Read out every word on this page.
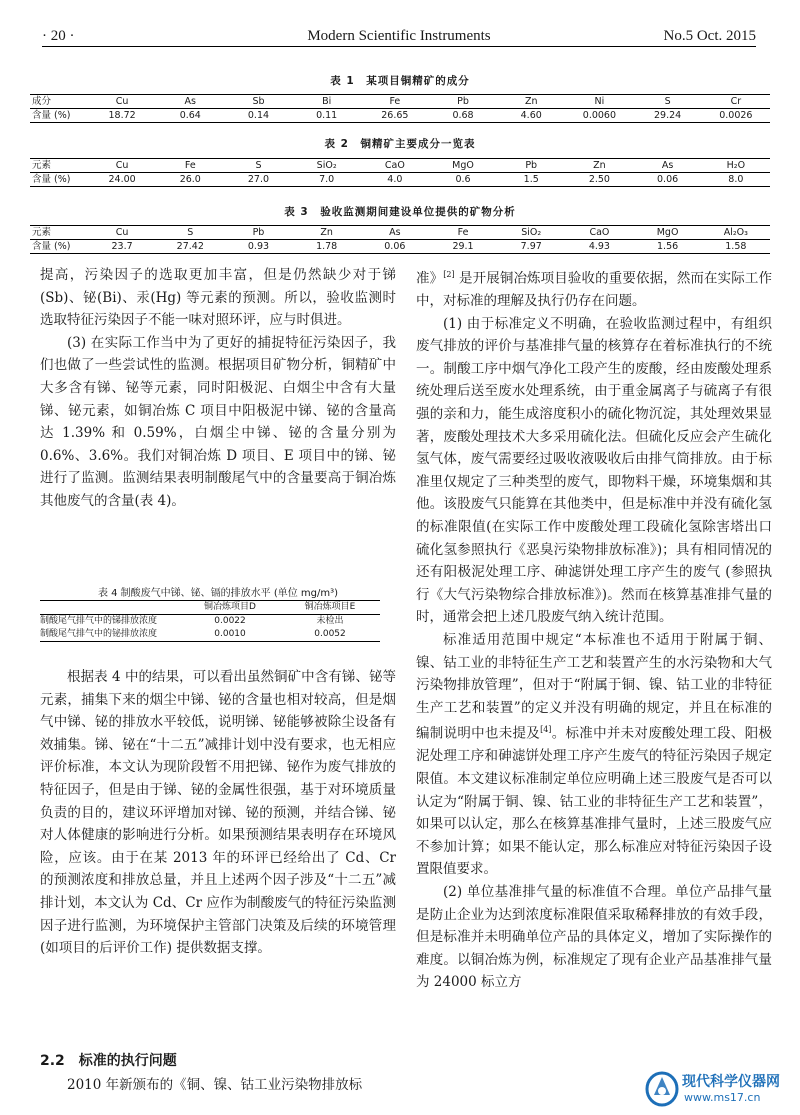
· 20 ·	Modern Scientific Instruments	No.5 Oct. 2015
表 1　某项目铜精矿的成分
成分	Cu	As	Sb	Bi	Fe	Pb	Zn	Ni	S	Cr
含量 (%)	18.72	0.64	0.14	0.11	26.65	0.68	4.60	0.0060	29.24	0.0026
表 2　铜精矿主要成分一览表
元素	Cu	Fe	S	SiO₂	CaO	MgO	Pb	Zn	As	H₂O
含量 (%)	24.00	26.0	27.0	7.0	4.0	0.6	1.5	2.50	0.06	8.0
表 3　验收监测期间建设单位提供的矿物分析
元素	Cu	S	Pb	Zn	As	Fe	SiO₂	CaO	MgO	Al₂O₃
含量 (%)	23.7	27.42	0.93	1.78	0.06	29.1	7.97	4.93	1.56	1.58

提高，污染因子的选取更加丰富，但是仍然缺少对于锑(Sb)、铋(Bi)、汞(Hg) 等元素的预测。所以，验收监测时选取特征污染因子不能一味对照环评，应与时俱进。

(3) 在实际工作当中为了更好的捕捉特征污染因子，我们也做了一些尝试性的监测。根据项目矿物分析，铜精矿中大多含有锑、铋等元素，同时阳极泥、白烟尘中含有大量锑、铋元素，如铜冶炼 C 项目中阳极泥中锑、铋的含量高达 1.39% 和 0.59%，白烟尘中锑、铋的含量分别为 0.6%、3.6%。我们对铜冶炼 D 项目、E 项目中的锑、铋进行了监测。监测结果表明制酸尾气中的含量要高于铜冶炼其他废气的含量(表 4)。

表 4 制酸废气中锑、铋、镉的排放水平 (单位 mg/m³)
	铜冶炼项目D	铜冶炼项目E
制酸尾气排气中的锑排放浓度	0.0022	未检出
制酸尾气排气中的铋排放浓度	0.0010	0.0052

根据表 4 中的结果，可以看出虽然铜矿中含有锑、铋等元素，捕集下来的烟尘中锑、铋的含量也相对较高，但是烟气中锑、铋的排放水平较低，说明锑、铋能够被除尘设备有效捕集。锑、铋在“十二五”减排计划中没有要求，也无相应评价标准，本文认为现阶段暂不用把锑、铋作为废气排放的特征因子，但是由于锑、铋的金属性很强，基于对环境质量负责的目的，建议环评增加对锑、铋的预测，并结合锑、铋对人体健康的影响进行分析。如果预测结果表明存在环境风险，应该。由于在某 2013 年的环评已经给出了 Cd、Cr 的预测浓度和排放总量，并且上述两个因子涉及“十二五”减排计划，本文认为 Cd、Cr 应作为制酸废气的特征污染监测因子进行监测，为环境保护主管部门决策及后续的环境管理 (如项目的后评价工作) 提供数据支撑。

2.2　标准的执行问题

2010 年新颁布的《铜、镍、钴工业污染物排放标

准》[2] 是开展铜冶炼项目验收的重要依据，然而在实际工作中，对标准的理解及执行仍存在问题。

(1) 由于标准定义不明确，在验收监测过程中，有组织废气排放的评价与基准排气量的核算存在着标准执行的不统一。制酸工序中烟气净化工段产生的废酸，经由废酸处理系统处理后送至废水处理系统，由于重金属离子与硫离子有很强的亲和力，能生成溶度积小的硫化物沉淀，其处理效果显著，废酸处理技术大多采用硫化法。但硫化反应会产生硫化氢气体，废气需要经过吸收液吸收后由排气筒排放。由于标准里仅规定了三种类型的废气，即物料干燥，环境集烟和其他。该股废气只能算在其他类中，但是标准中并没有硫化氢的标准限值(在实际工作中废酸处理工段硫化氢除害塔出口硫化氢参照执行《恶臭污染物排放标准》)；具有相同情况的还有阳极泥处理工序、砷滤饼处理工序产生的废气 (参照执行《大气污染物综合排放标准》)。然而在核算基准排气量的时，通常会把上述几股废气纳入统计范围。

标准适用范围中规定“本标准也不适用于附属于铜、镍、钴工业的非特征生产工艺和装置产生的水污染物和大气污染物排放管理”，但对于“附属于铜、镍、钴工业的非特征生产工艺和装置”的定义并没有明确的规定，并且在标准的编制说明中也未提及[4]。标准中并未对废酸处理工段、阳极泥处理工序和砷滤饼处理工序产生废气的特征污染因子规定限值。本文建议标准制定单位应明确上述三股废气是否可以认定为“附属于铜、镍、钴工业的非特征生产工艺和装置”，如果可以认定，那么在核算基准排气量时，上述三股废气应不参加计算；如果不能认定，那么标准应对特征污染因子设置限值要求。

(2) 单位基准排气量的标准值不合理。单位产品排气量是防止企业为达到浓度标准限值采取稀释排放的有效手段，但是标准并未明确单位产品的具体定义，增加了实际操作的难度。以铜冶炼为例，标准规定了现有企业产品基准排气量为 24000 标立方

现代科学仪器网
www.ms17.cn
